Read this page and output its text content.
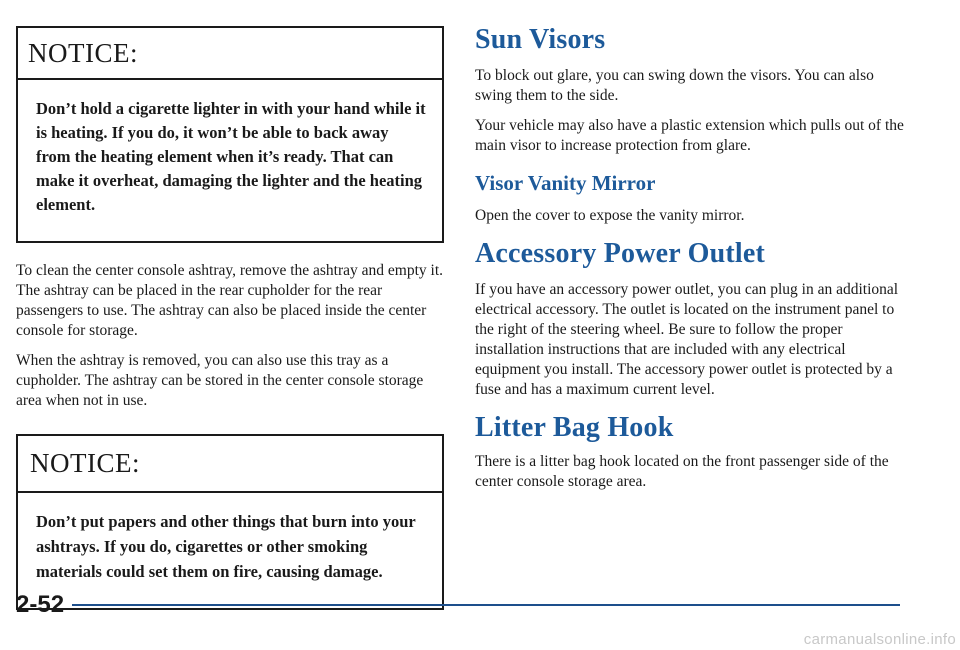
NOTICE:
Don’t hold a cigarette lighter in with your hand while it is heating. If you do, it won’t be able to back away from the heating element when it’s ready. That can make it overheat, damaging the lighter and the heating element.

To clean the center console ashtray, remove the ashtray and empty it. The ashtray can be placed in the rear cupholder for the rear passengers to use. The ashtray can also be placed inside the center console for storage.

When the ashtray is removed, you can also use this tray as a cupholder. The ashtray can be stored in the center console storage area when not in use.

NOTICE:
Don’t put papers and other things that burn into your ashtrays. If you do, cigarettes or other smoking materials could set them on fire, causing damage.
Sun Visors

To block out glare, you can swing down the visors. You can also swing them to the side.

Your vehicle may also have a plastic extension which pulls out of the main visor to increase protection from glare.

Visor Vanity Mirror

Open the cover to expose the vanity mirror.

Accessory Power Outlet

If you have an accessory power outlet, you can plug in an additional electrical accessory. The outlet is located on the instrument panel to the right of the steering wheel. Be sure to follow the proper installation instructions that are included with any electrical equipment you install. The accessory power outlet is protected by a fuse and has a maximum current level.

Litter Bag Hook

There is a litter bag hook located on the front passenger side of the center console storage area.

2-52
carmanualsonline.info
